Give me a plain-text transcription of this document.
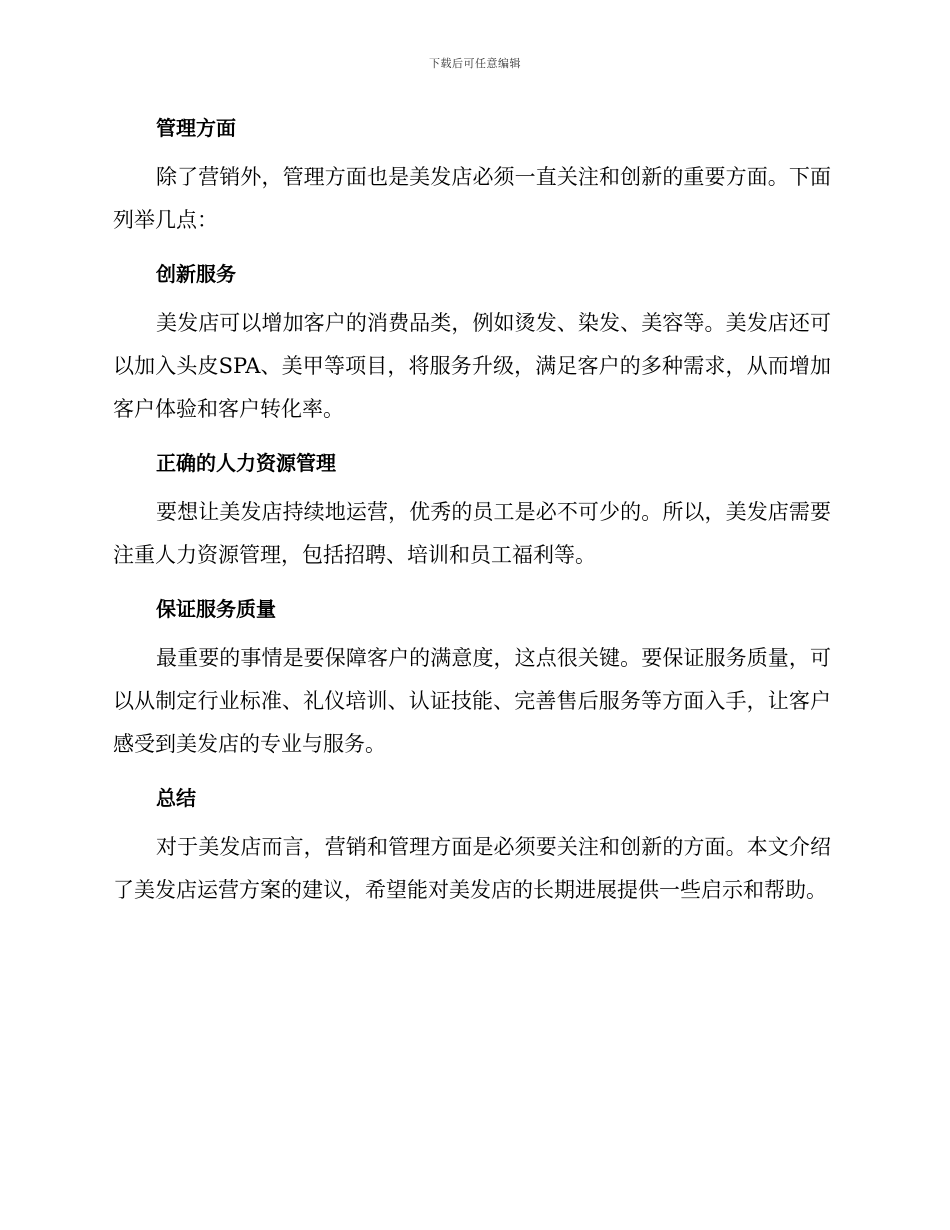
下载后可任意编辑
管理方面

除了营销外，管理方面也是美发店必须一直关注和创新的重要方面。下面列举几点：

创新服务

美发店可以增加客户的消费品类，例如烫发、染发、美容等。美发店还可以加入头皮SPA、美甲等项目，将服务升级，满足客户的多种需求，从而增加客户体验和客户转化率。

正确的人力资源管理

要想让美发店持续地运营，优秀的员工是必不可少的。所以，美发店需要注重人力资源管理，包括招聘、培训和员工福利等。

保证服务质量

最重要的事情是要保障客户的满意度，这点很关键。要保证服务质量，可以从制定行业标准、礼仪培训、认证技能、完善售后服务等方面入手，让客户感受到美发店的专业与服务。

总结

对于美发店而言，营销和管理方面是必须要关注和创新的方面。本文介绍了美发店运营方案的建议，希望能对美发店的长期进展提供一些启示和帮助。
